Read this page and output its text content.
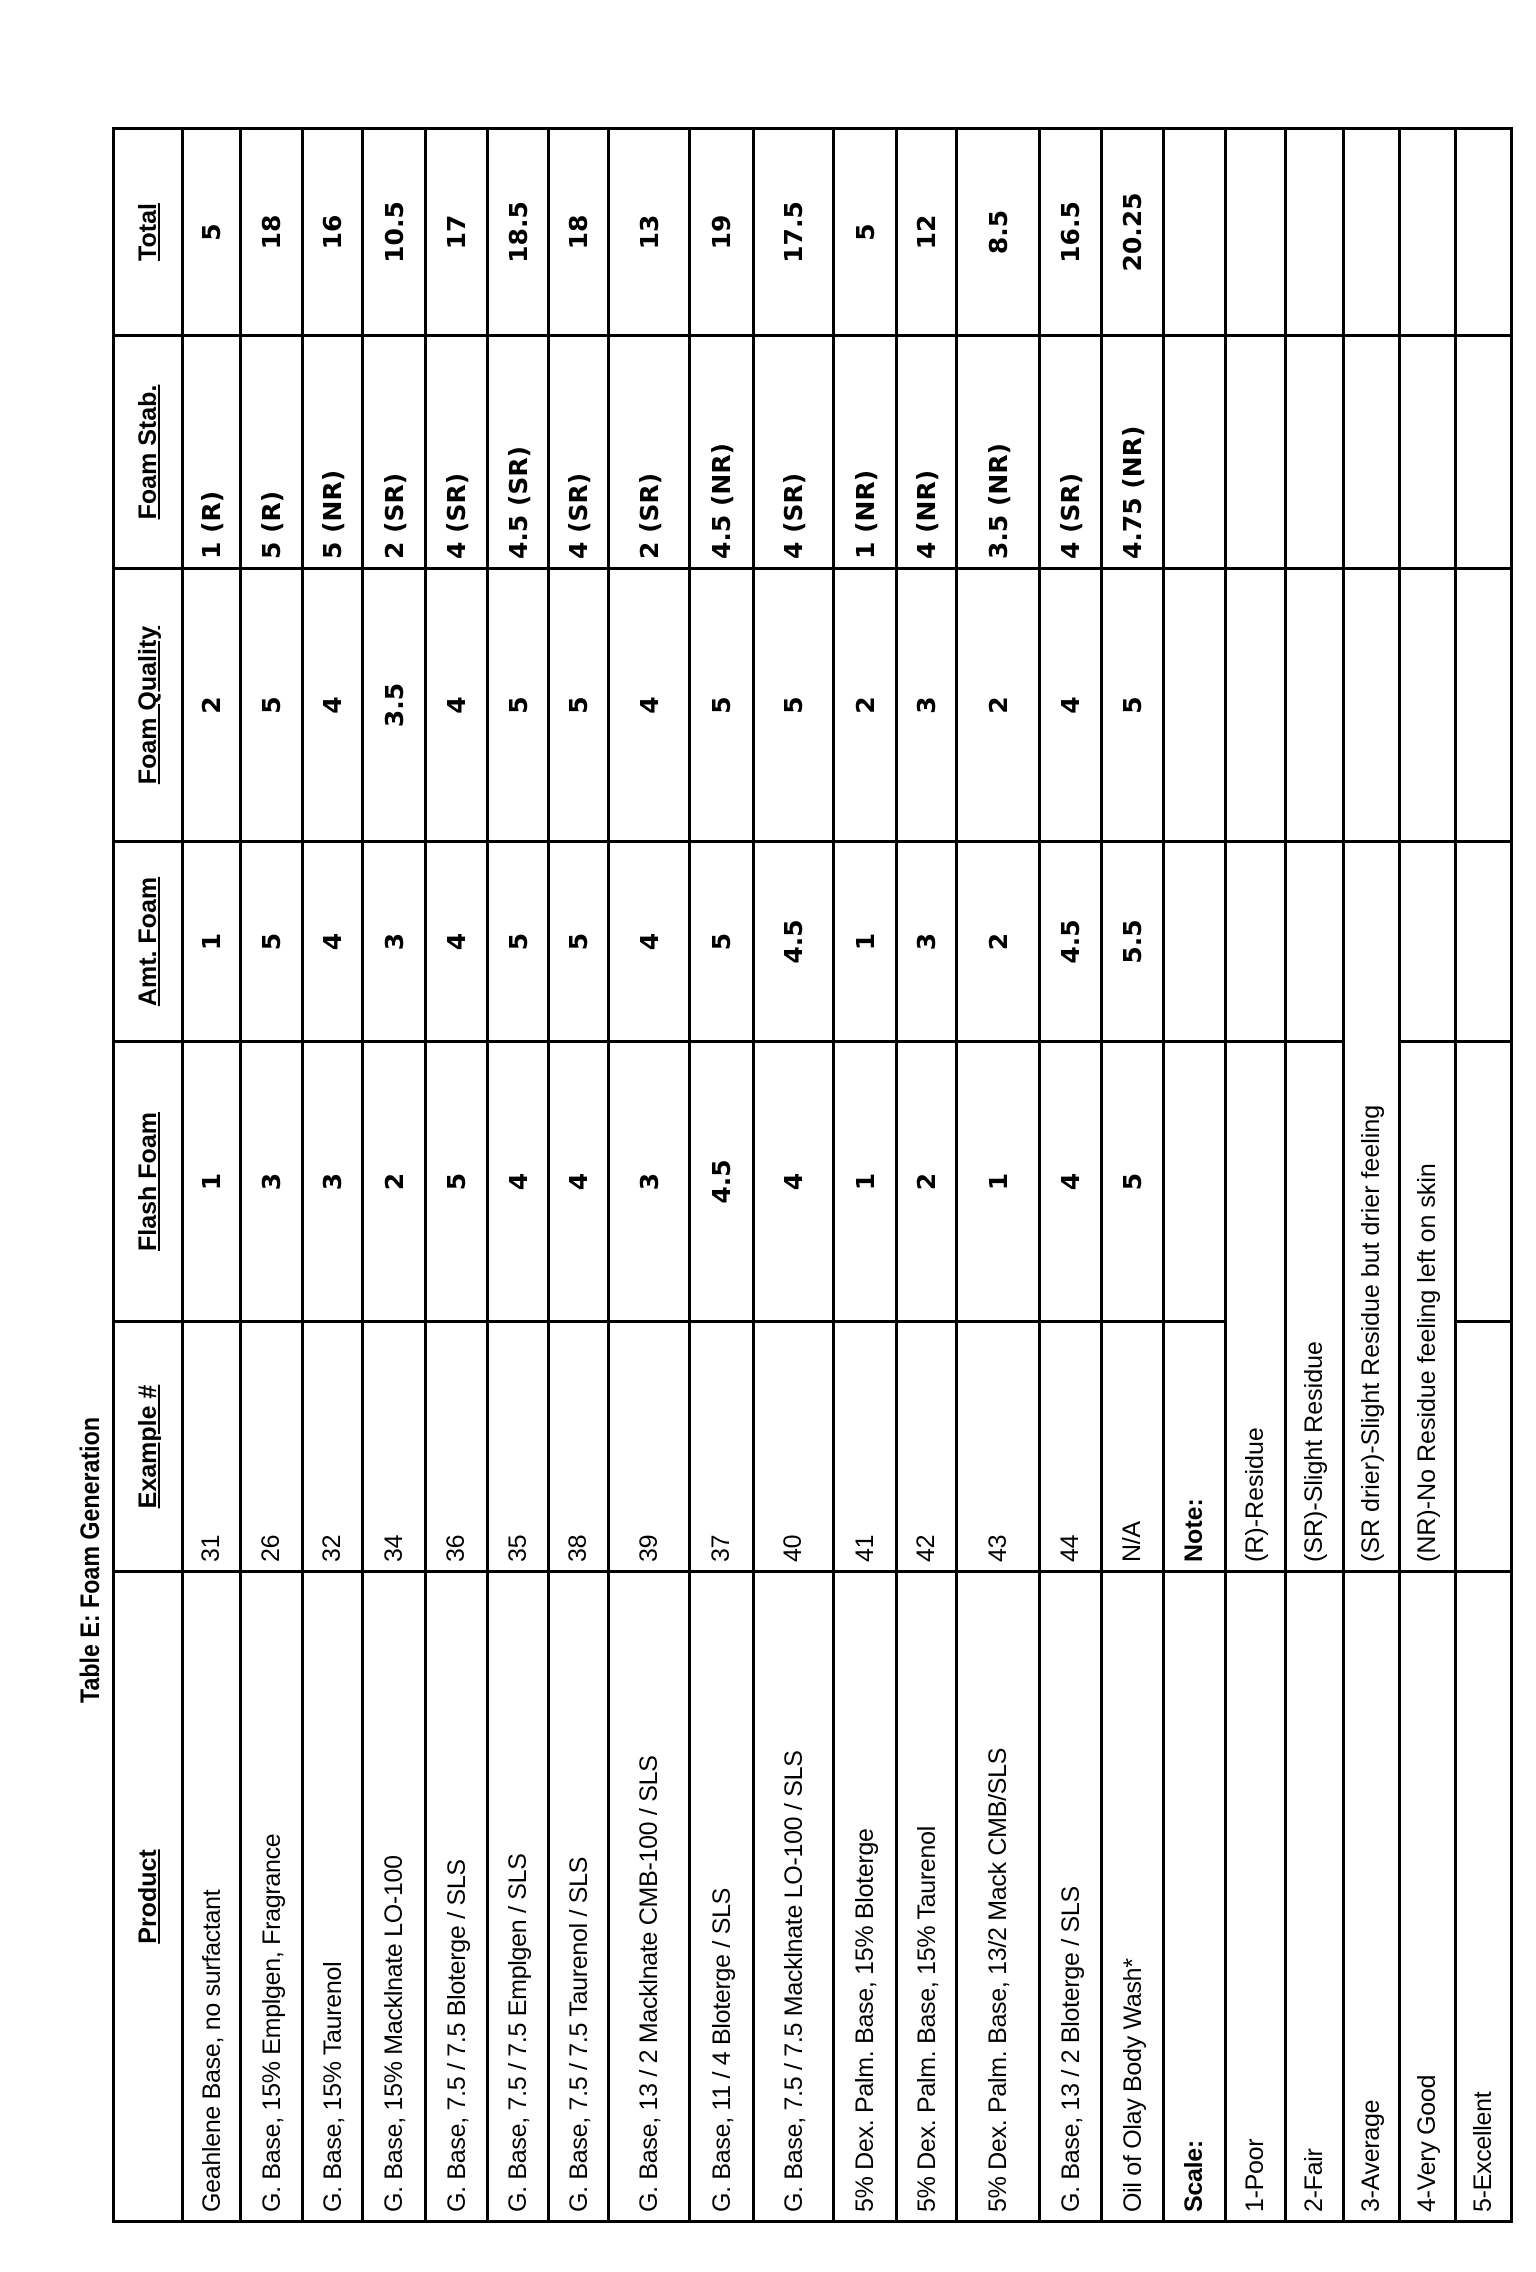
Table E: Foam Generation
Product	Example #	Flash Foam	Amt. Foam	Foam Quality	Foam Stab.	Total
Geahlene Base, no surfactant	31	1	1	2	1 (R)	5
G. Base, 15% Emplgen, Fragrance	26	3	5	5	5 (R)	18
G. Base, 15% Taurenol	32	3	4	4	5 (NR)	16
G. Base, 15% Macklnate LO-100	34	2	3	3.5	2 (SR)	10.5
G. Base, 7.5 / 7.5 Bloterge / SLS	36	5	4	4	4 (SR)	17
G. Base, 7.5 / 7.5 Emplgen / SLS	35	4	5	5	4.5 (SR)	18.5
G. Base, 7.5 / 7.5 Taurenol / SLS	38	4	5	5	4 (SR)	18
G. Base, 13 / 2 Macklnate CMB-100 / SLS	39	3	4	4	2 (SR)	13
G. Base, 11 / 4 Bloterge / SLS	37	4.5	5	5	4.5 (NR)	19
G. Base, 7.5 / 7.5 Macklnate LO-100 / SLS	40	4	4.5	5	4 (SR)	17.5
5% Dex. Palm. Base, 15% Bloterge	41	1	1	2	1 (NR)	5
5% Dex. Palm. Base, 15% Taurenol	42	2	3	3	4 (NR)	12
5% Dex. Palm. Base, 13/2 Mack CMB/SLS	43	1	2	2	3.5 (NR)	8.5
G. Base, 13 / 2 Bloterge / SLS	44	4	4.5	4	4 (SR)	16.5
Oil of Olay Body Wash*	N/A	5	5.5	5	4.75 (NR)	20.25
Scale:	Note:					
1-Poor	(R)-Residue					
2-Fair	(SR)-Slight Residue					
3-Average	(SR drier)-Slight Residue but drier feeling					
4-Very Good	(NR)-No Residue feeling left on skin					
5-Excellent						
